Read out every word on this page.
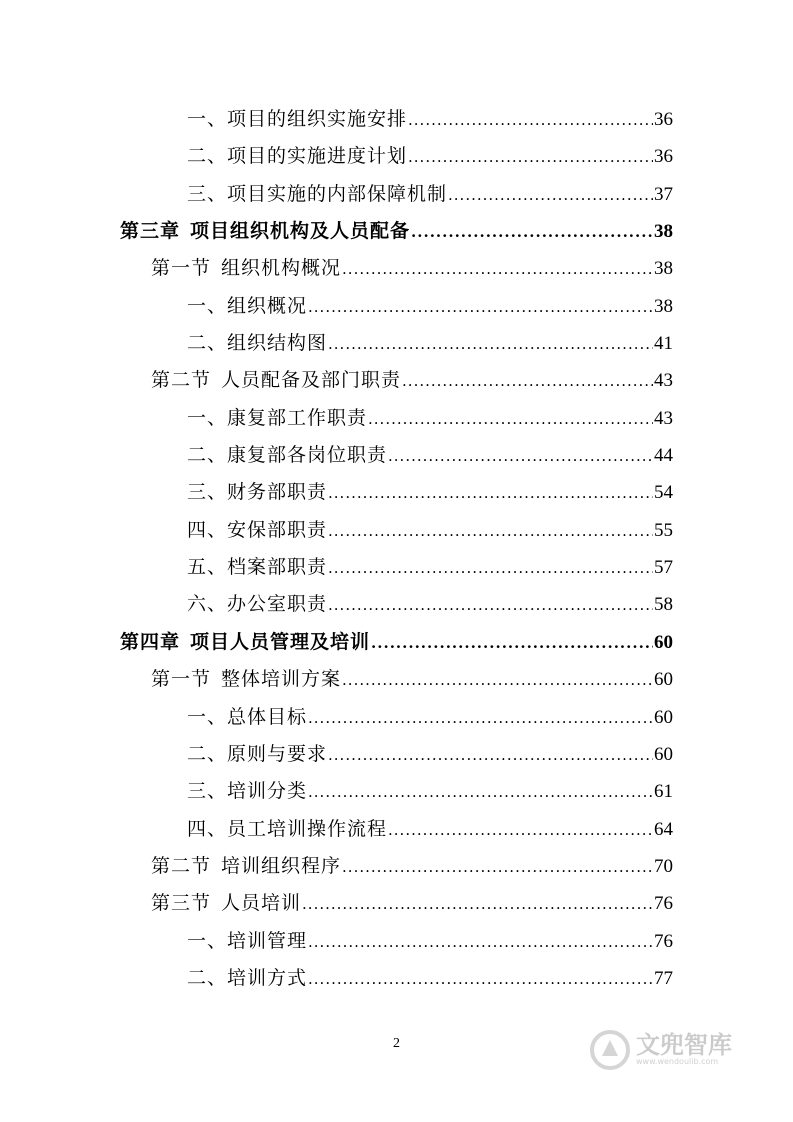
一、项目的组织实施安排 .....	36
二、项目的实施进度计划 .....	36
三、项目实施的内部保障机制 .....	37
第三章 项目组织机构及人员配备 .....	38
第一节 组织机构概况 .....	38
一、组织概况 .....	38
二、组织结构图 .....	41
第二节 人员配备及部门职责 .....	43
一、康复部工作职责 .....	43
二、康复部各岗位职责 .....	44
三、财务部职责 .....	54
四、安保部职责 .....	55
五、档案部职责 .....	57
六、办公室职责 .....	58
第四章 项目人员管理及培训 .....	60
第一节 整体培训方案 .....	60
一、总体目标 .....	60
二、原则与要求 .....	60
三、培训分类 .....	61
四、员工培训操作流程 .....	64
第二节 培训组织程序 .....	70
第三节 人员培训 .....	76
一、培训管理 .....	76
二、培训方式 .....	77
2	文兜智库
www.wendoulib.com
